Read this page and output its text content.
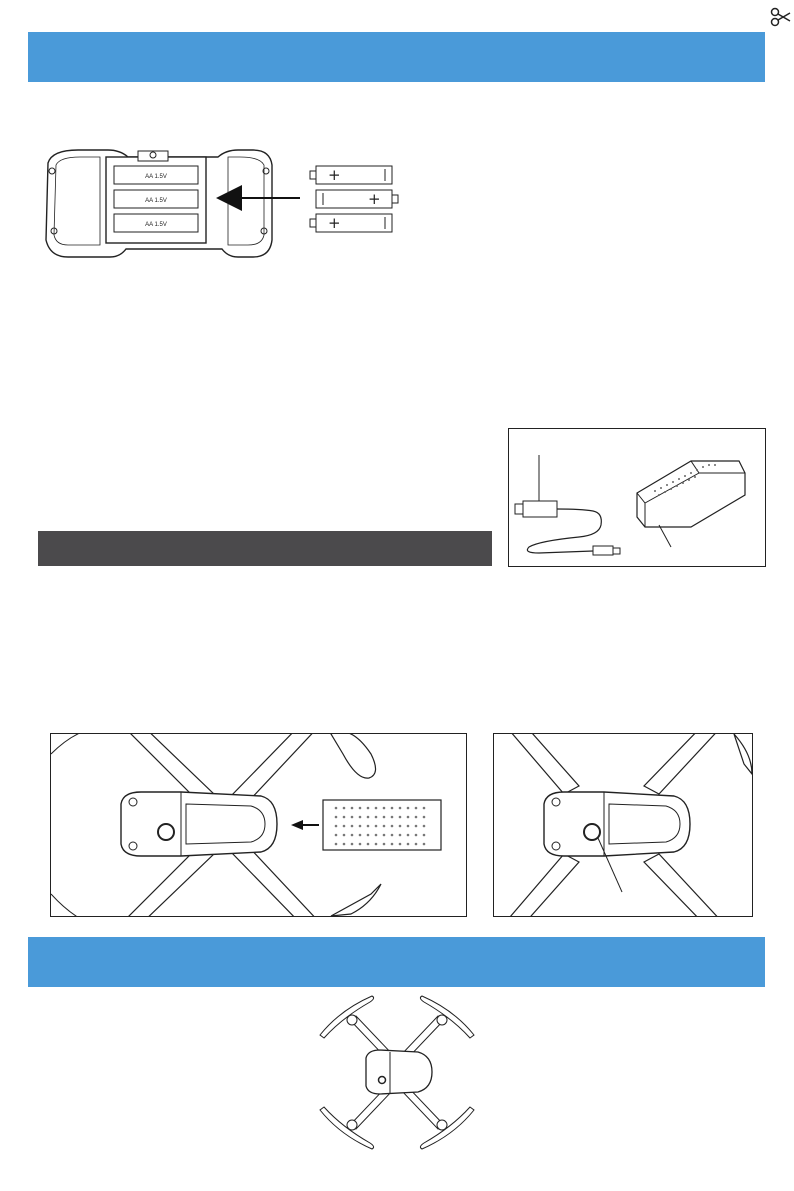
AA 1.5V
AA 1.5V
AA 1.5V
+
+
+
